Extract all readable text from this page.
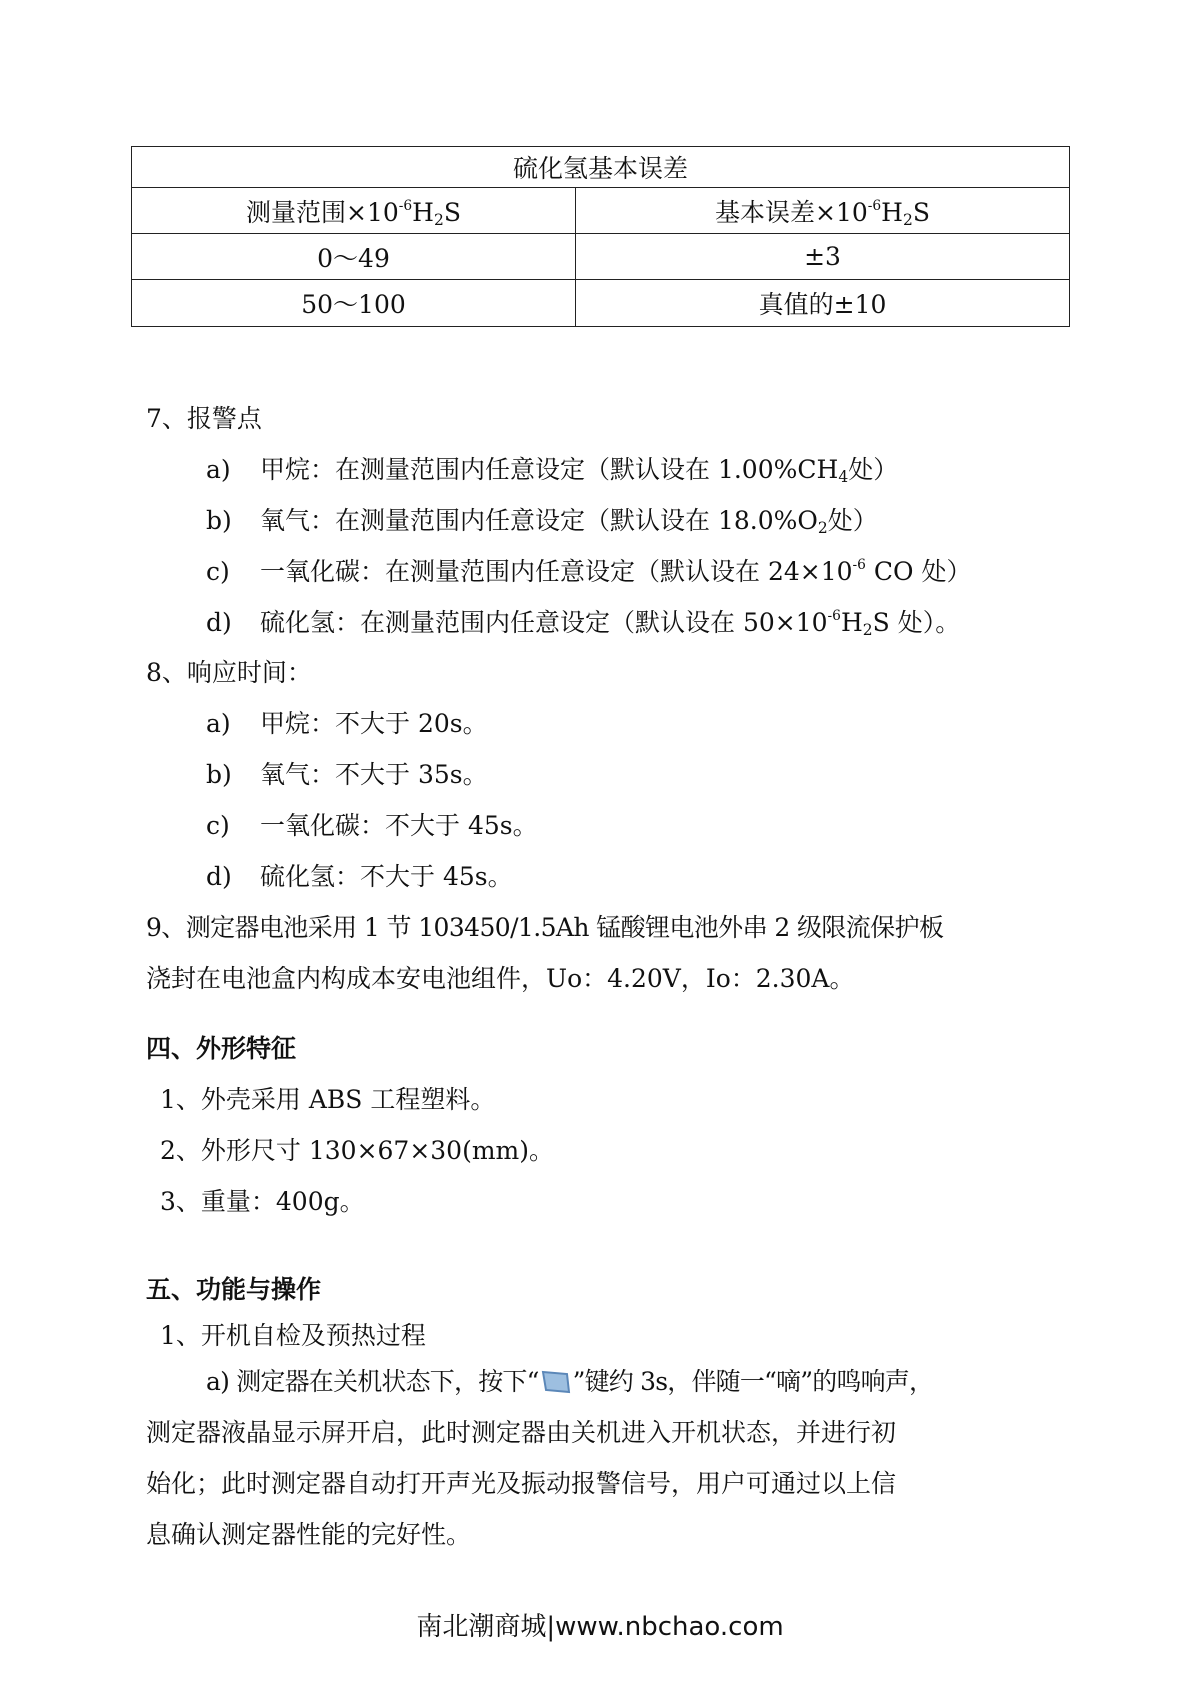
硫化氢基本误差	
测量范围$\times 10^{-6}H_2S$	基本误差$\times 10^{-6}H_2S$
0～49	±3
50～100	真值的±10
7、报警点
a) 甲烷：在测量范围内任意设定（默认设在 $1.00\%CH_4$处）
b) 氧气：在测量范围内任意设定（默认设在 $18.0\%O_2$处）
c) 一氧化碳：在测量范围内任意设定（默认设在 $24\times 10^{-6}$ CO 处）
d) 硫化氢：在测量范围内任意设定（默认设在 $50\times 10^{-6}H_2S$ 处）。
8、响应时间：
a) 甲烷：不大于 20s。
b) 氧气：不大于 35s。
c) 一氧化碳：不大于 45s。
d) 硫化氢：不大于 45s。
9、测定器电池采用 1 节 103450/1.5Ah 锰酸锂电池外串 2 级限流保护板
浇封在电池盒内构成本安电池组件，Uo：4.20V，Io：2.30A。
四、外形特征
1、外壳采用 ABS 工程塑料。
2、外形尺寸 130×67×30(mm)。
3、重量：400g。
五、功能与操作
1、开机自检及预热过程
a) 测定器在关机状态下，按下“ ”键约 3s，伴随一“嘀”的鸣响声，
测定器液晶显示屏开启，此时测定器由关机进入开机状态，并进行初
始化；此时测定器自动打开声光及振动报警信号，用户可通过以上信
息确认测定器性能的完好性。
南北潮商城|www.nbchao.com
